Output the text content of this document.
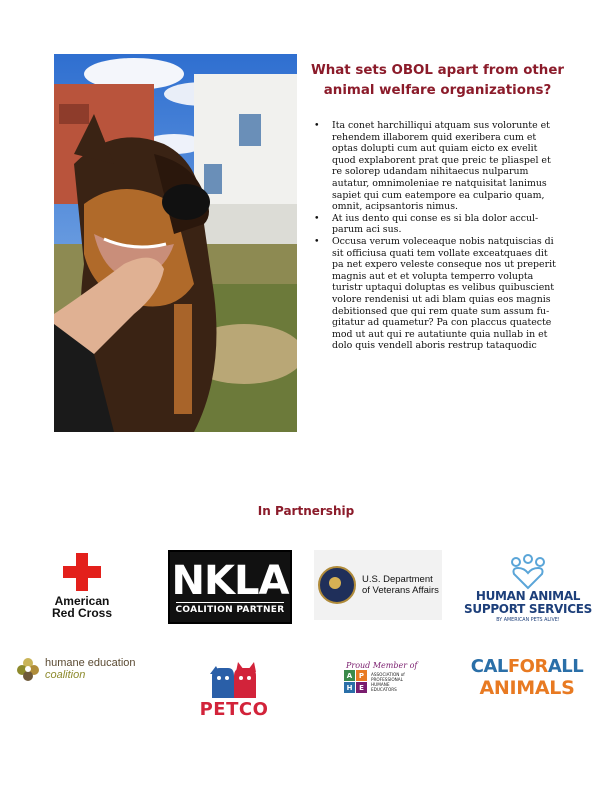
What sets OBOL apart from other
animal welfare organizations?
• Ita conet harchilliqui atquam sus volorunte et rehendem illaborem quid exeribera cum et optas dolupti cum aut quiam eicto ex evelit quod explaborent prat que preic te pliaspel et re solorep udandam nihitaecus nulparum autatur, omnimoleniae re natquisitat lanimus sapiet qui cum eatempore ea culpario quam, omnit, acipsantoris nimus.
• At ius dento qui conse es si bla dolor accul-parum aci sus.
• Occusa verum voleceaque nobis natquiscias di sit officiusa quati tem vollate exceatquaes dit pa net expero veleste conseque nos ut preperit magnis aut et et volupta temperro volupta turistr uptaqui doluptas es velibus quibuscient volore rendenisi ut adi blam quias eos magnis debitionsed que qui rem quate sum assum fu-gitatur ad quametur? Pa con placcus quatecte mod ut aut qui re autatiunte quia nullab in et dolo quis vendell aboris restrup tataquodic
In Partnership
American
Red Cross
NKLA
COALITION PARTNER
U.S. Department
of Veterans Affairs	HUMAN ANIMAL
SUPPORT SERVICES
BY AMERICAN PETS ALIVE!
humane education
coalition
PETCO
Proud Member of
A P
H E
ASSOCIATION of
PROFESSIONAL
HUMANE
EDUCATORS
CALFORALL
ANIMALS
